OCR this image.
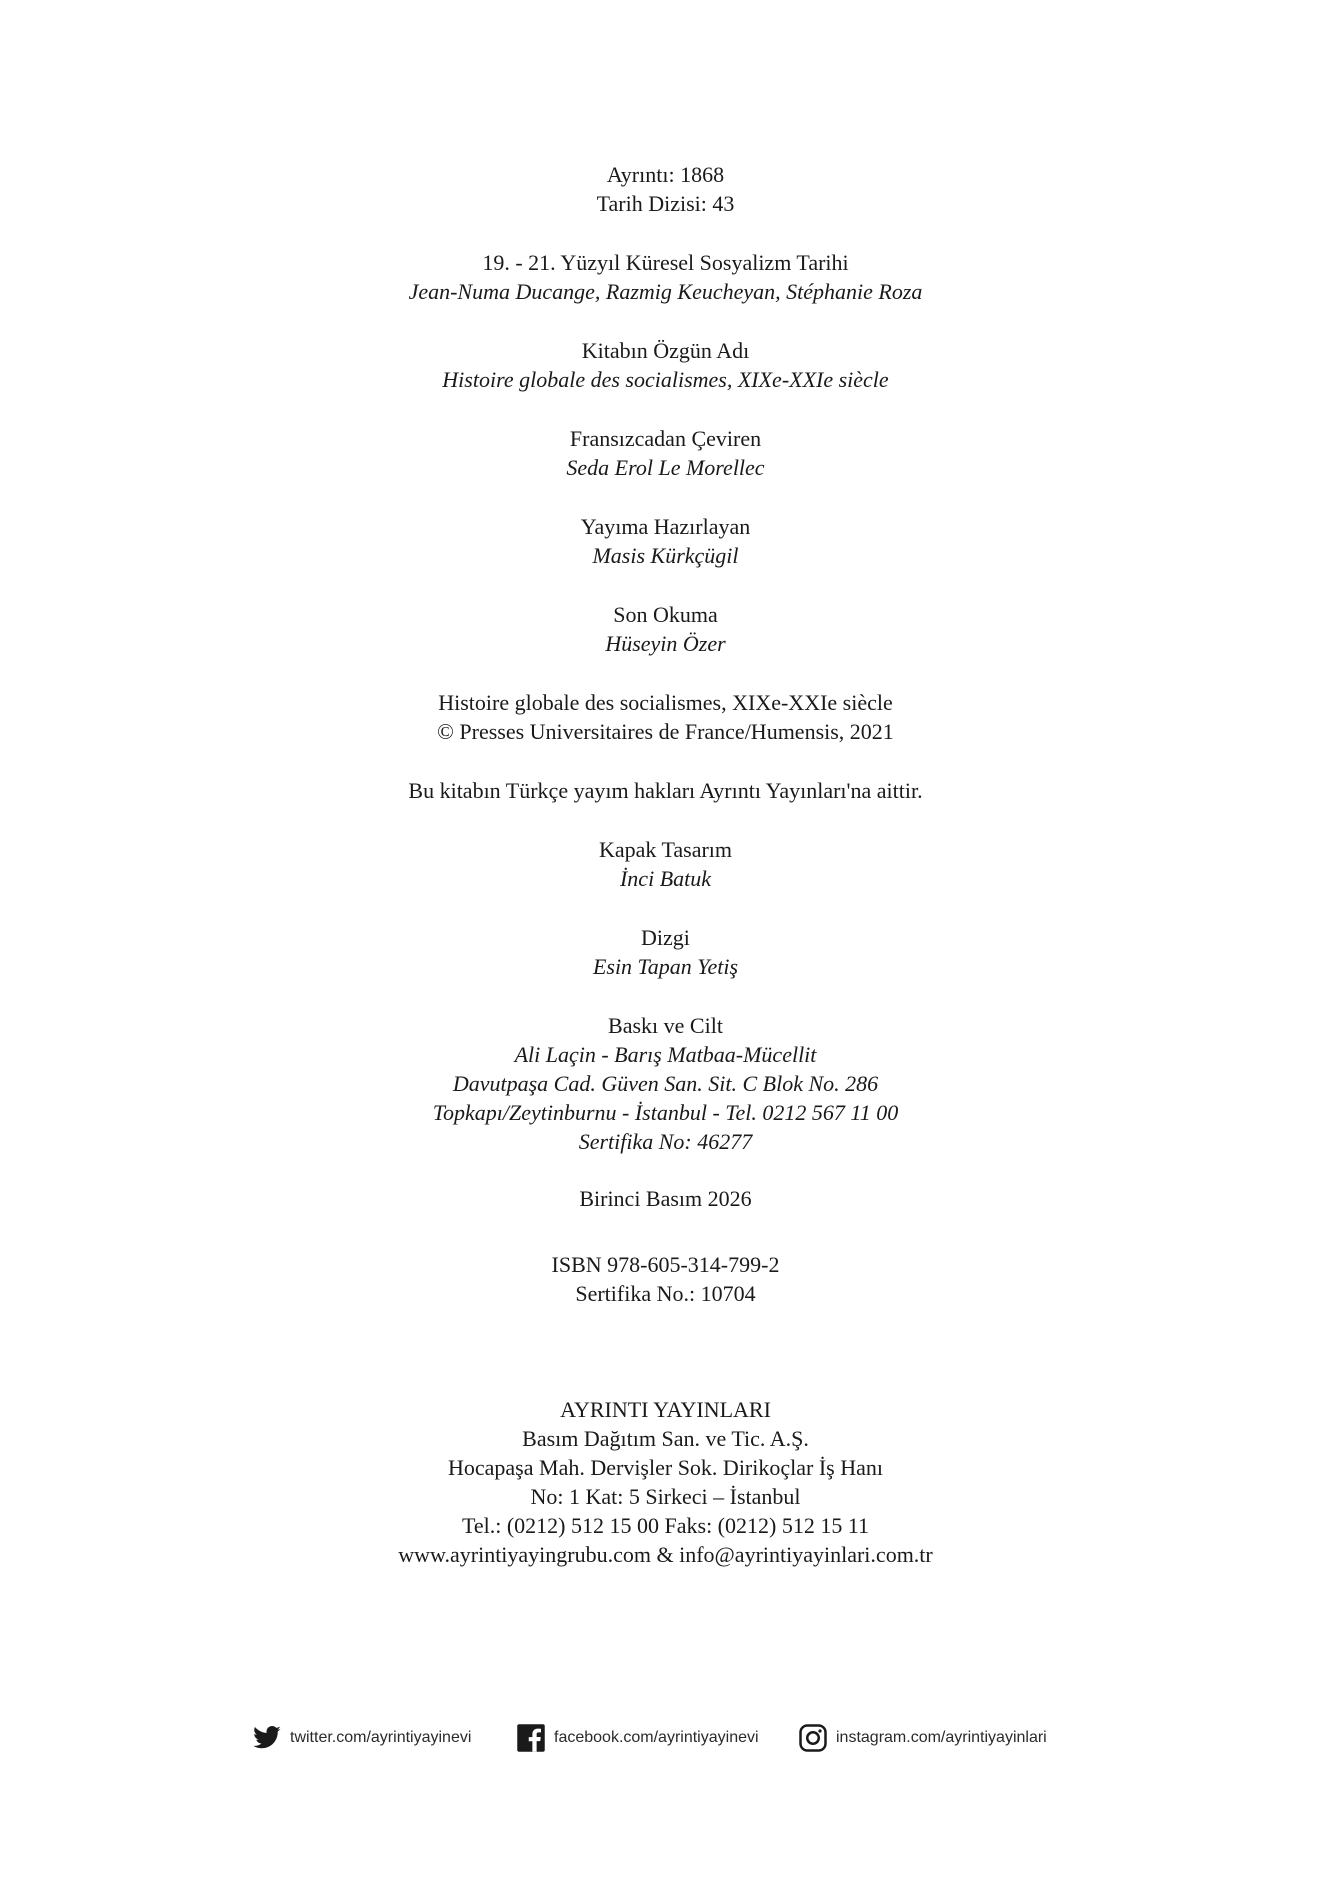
Ayrıntı: 1868
Tarih Dizisi: 43
19. - 21. Yüzyıl Küresel Sosyalizm Tarihi
Jean-Numa Ducange, Razmig Keucheyan, Stéphanie Roza
Kitabın Özgün Adı
Histoire globale des socialismes, XIXe-XXIe siècle
Fransızcadan Çeviren
Seda Erol Le Morellec
Yayıma Hazırlayan
Masis Kürkçügil
Son Okuma
Hüseyin Özer
Histoire globale des socialismes, XIXe-XXIe siècle
© Presses Universitaires de France/Humensis, 2021
Bu kitabın Türkçe yayım hakları Ayrıntı Yayınları'na aittir.
Kapak Tasarım
İnci Batuk
Dizgi
Esin Tapan Yetiş
Baskı ve Cilt
Ali Laçin - Barış Matbaa-Mücellit
Davutpaşa Cad. Güven San. Sit. C Blok No. 286
Topkapı/Zeytinburnu - İstanbul - Tel. 0212 567 11 00
Sertifika No: 46277
Birinci Basım 2026
ISBN 978-605-314-799-2
Sertifika No.: 10704
AYRINTI YAYINLARI
Basım Dağıtım San. ve Tic. A.Ş.
Hocapaşa Mah. Dervişler Sok. Dirikoçlar İş Hanı
No: 1 Kat: 5 Sirkeci – İstanbul
Tel.: (0212) 512 15 00 Faks: (0212) 512 15 11
www.ayrintiyayingrubu.com & info@ayrintiyayinlari.com.tr
twitter.com/ayrintiyayinevi	facebook.com/ayrintiyayinevi	instagram.com/ayrintiyayinlari
